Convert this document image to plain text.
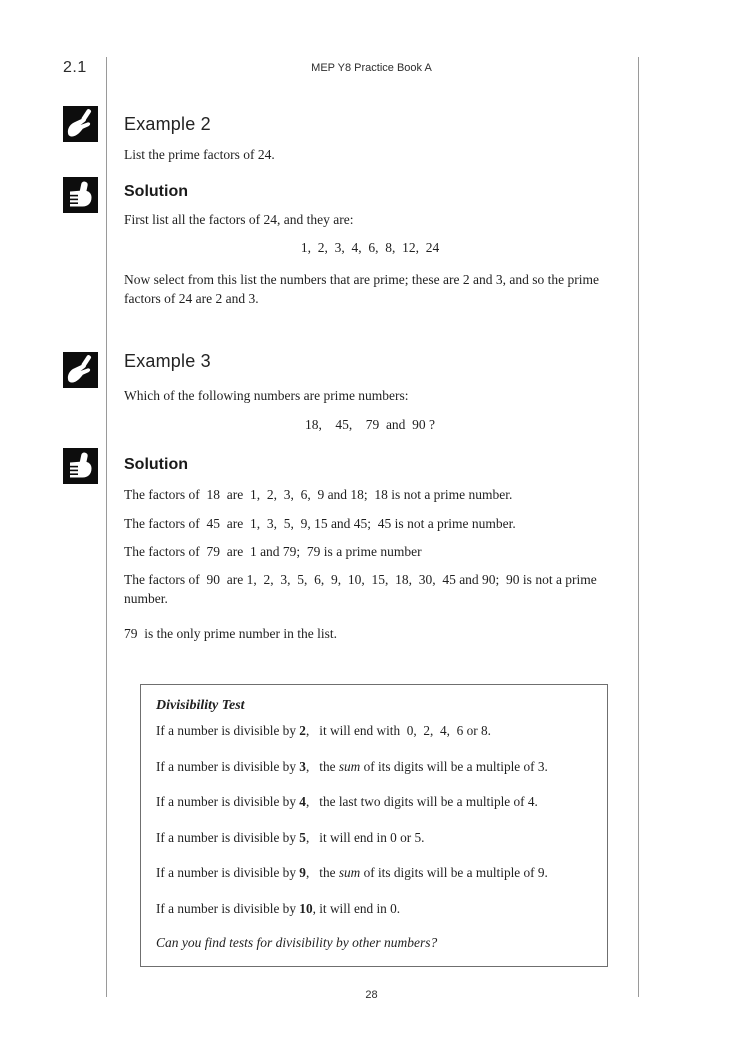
2.1	MEP Y8 Practice Book A
Example 2

List the prime factors of 24.

Solution

First list all the factors of 24, and they are:

1,  2,  3,  4,  6,  8,  12,  24

Now select from this list the numbers that are prime; these are 2 and 3, and so the prime factors of 24 are 2 and 3.

Example 3

Which of the following numbers are prime numbers:

18,    45,    79  and  90 ?

Solution

The factors of  18  are  1,  2,  3,  6,  9 and 18;  18 is not a prime number.

The factors of  45  are  1,  3,  5,  9, 15 and 45;  45 is not a prime number.

The factors of  79  are  1 and 79;  79 is a prime number

The factors of  90  are 1,  2,  3,  5,  6,  9,  10,  15,  18,  30,  45 and 90;  90 is not a prime number.

79  is the only prime number in the list.

Divisibility Test

If a number is divisible by 2,   it will end with  0,  2,  4,  6 or 8.

If a number is divisible by 3,   the sum of its digits will be a multiple of 3.

If a number is divisible by 4,   the last two digits will be a multiple of 4.

If a number is divisible by 5,   it will end in 0 or 5.

If a number is divisible by 9,   the sum of its digits will be a multiple of 9.

If a number is divisible by 10, it will end in 0.

Can you find tests for divisibility by other numbers?

28
